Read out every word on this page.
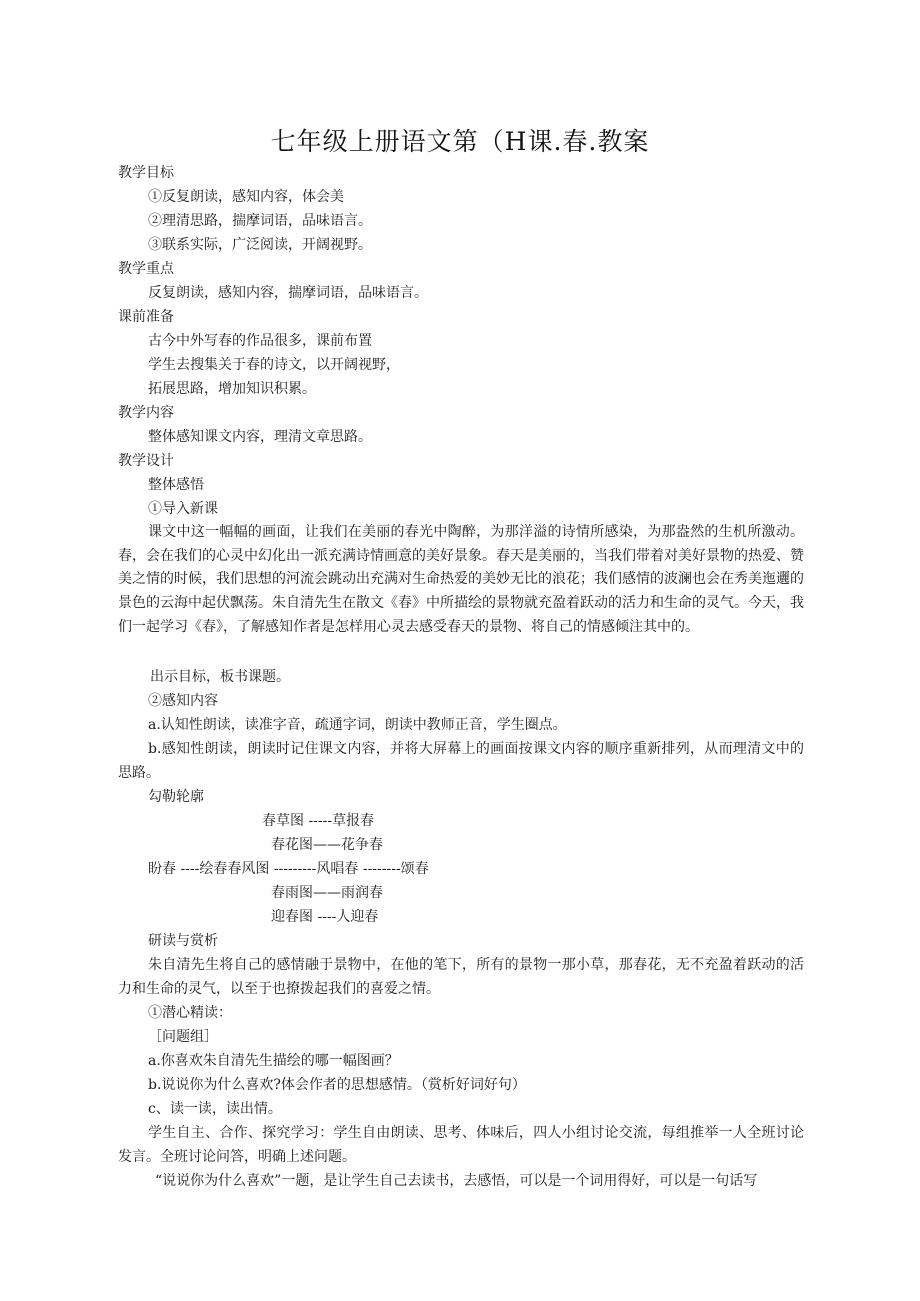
七年级上册语文第（H课.春.教案
教学目标
①反复朗读，感知内容，体会美
②理清思路，揣摩词语，品味语言。
③联系实际，广泛阅读，开阔视野。
教学重点
反复朗读，感知内容，揣摩词语，品味语言。
课前准备
古今中外写春的作品很多，课前布置
学生去搜集关于春的诗文，以开阔视野，
拓展思路，增加知识积累。
教学内容
整体感知课文内容，理清文章思路。
教学设计
整体感悟
①导入新课
课文中这一幅幅的画面，让我们在美丽的春光中陶醉，为那洋溢的诗情所感染，为那盎然的生机所激动。春，会在我们的心灵中幻化出一派充满诗情画意的美好景象。春天是美丽的，当我们带着对美好景物的热爱、赞美之情的时候，我们思想的河流会跳动出充满对生命热爱的美妙无比的浪花；我们感情的波澜也会在秀美迤邐的景色的云海中起伏飘荡。朱自清先生在散文《春》中所描绘的景物就充盈着跃动的活力和生命的灵气。今天，我们一起学习《春》，了解感知作者是怎样用心灵去感受春天的景物、将自己的情感倾注其中的。
出示目标，板书课题。
②感知内容
a.认知性朗读，读准字音，疏通字词，朗读中教师正音，学生圈点。
b.感知性朗读，朗读时记住课文内容，并将大屏幕上的画面按课文内容的顺序重新排列，从而理清文中的思路。
勾勒轮廓
春草图 -----草报春
春花图——花争春
盼春 ----绘春春风图 ---------风唱春 --------颂春
春雨图——雨润春
迎春图 ----人迎春
研读与赏析
朱自清先生将自己的感情融于景物中，在他的笔下，所有的景物一那小草，那春花，无不充盈着跃动的活力和生命的灵气，以至于也撩拨起我们的喜爱之情。
①潜心精读：
［问题组］
a.你喜欢朱自清先生描绘的哪一幅图画？
b.说说你为什么喜欢?体会作者的思想感情。（赏析好词好句）
c、读一读，读出情。
学生自主、合作、探究学习：学生自由朗读、思考、体味后，四人小组讨论交流，每组推举一人全班讨论发言。全班讨论问答，明确上述问题。
“说说你为什么喜欢”一题，是让学生自己去读书，去感悟，可以是一个词用得好，可以是一句话写
